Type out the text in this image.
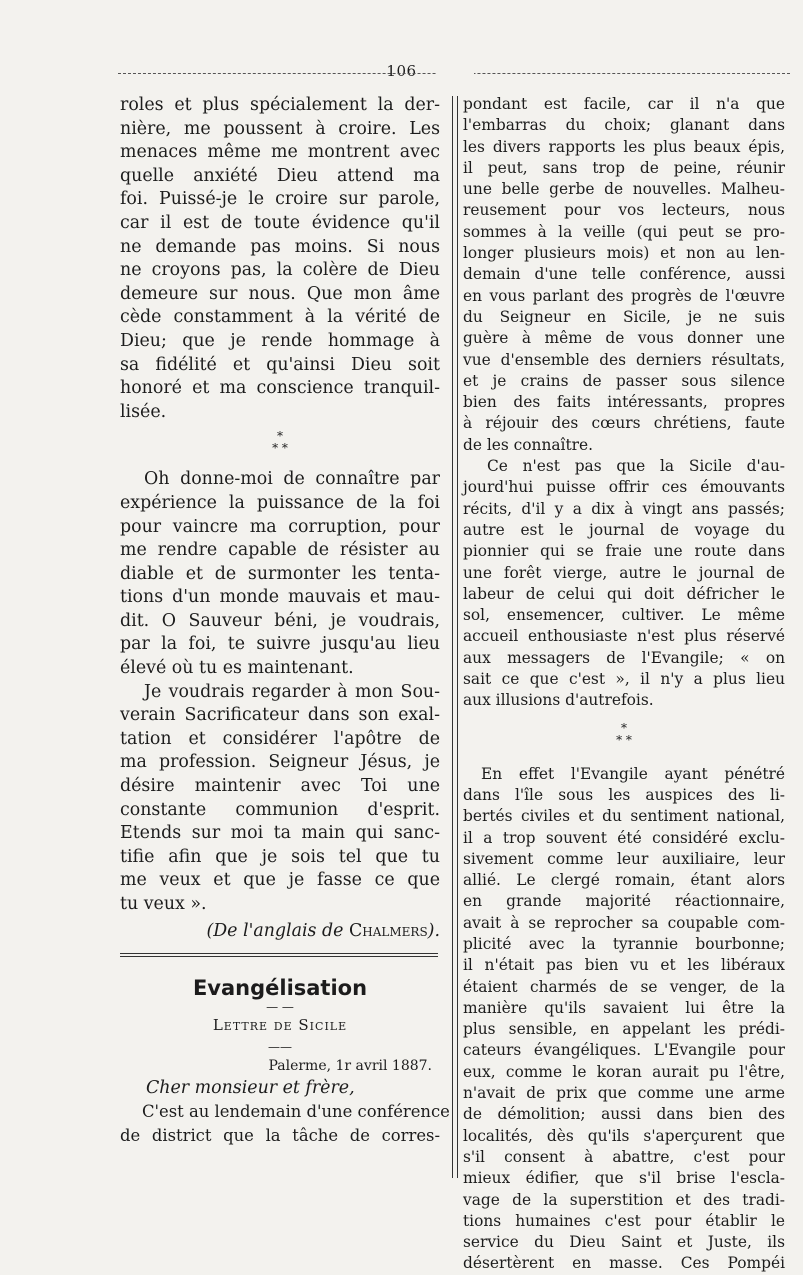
106
roles et plus spécialement la der-
nière, me poussent à croire. Les
menaces même me montrent avec
quelle anxiété Dieu attend ma
foi. Puissé-je le croire sur parole,
car il est de toute évidence qu'il
ne demande pas moins. Si nous
ne croyons pas, la colère de Dieu
demeure sur nous. Que mon âme
cède constamment à la vérité de
Dieu; que je rende hommage à
sa fidélité et qu'ainsi Dieu soit
honoré et ma conscience tranquil-
lisée.
*
* *
Oh donne-moi de connaître par
expérience la puissance de la foi
pour vaincre ma corruption, pour
me rendre capable de résister au
diable et de surmonter les tenta-
tions d'un monde mauvais et mau-
dit. O Sauveur béni, je voudrais,
par la foi, te suivre jusqu'au lieu
élevé où tu es maintenant.
Je voudrais regarder à mon Sou-
verain Sacrificateur dans son exal-
tation et considérer l'apôtre de
ma profession. Seigneur Jésus, je
désire maintenir avec Toi une
constante communion d'esprit.
Etends sur moi ta main qui sanc-
tifie afin que je sois tel que tu
me veux et que je fasse ce que
tu veux ».
(De l'anglais de Chalmers).
Evangélisation
— —
Lettre de Sicile
——
Palerme, 1r avril 1887.
Cher monsieur et frère,
C'est au lendemain d'une conférence
de district que la tâche de corres-
pondant est facile, car il n'a que
l'embarras du choix; glanant dans
les divers rapports les plus beaux épis,
il peut, sans trop de peine, réunir
une belle gerbe de nouvelles. Malheu-
reusement pour vos lecteurs, nous
sommes à la veille (qui peut se pro-
longer plusieurs mois) et non au len-
demain d'une telle conférence, aussi
en vous parlant des progrès de l'œuvre
du Seigneur en Sicile, je ne suis
guère à même de vous donner une
vue d'ensemble des derniers résultats,
et je crains de passer sous silence
bien des faits intéressants, propres
à réjouir des cœurs chrétiens, faute
de les connaître.
Ce n'est pas que la Sicile d'au-
jourd'hui puisse offrir ces émouvants
récits, d'il y a dix à vingt ans passés;
autre est le journal de voyage du
pionnier qui se fraie une route dans
une forêt vierge, autre le journal de
labeur de celui qui doit défricher le
sol, ensemencer, cultiver. Le même
accueil enthousiaste n'est plus réservé
aux messagers de l'Evangile; « on
sait ce que c'est », il n'y a plus lieu
aux illusions d'autrefois.
*
* *
En effet l'Evangile ayant pénétré
dans l'île sous les auspices des li-
bertés civiles et du sentiment national,
il a trop souvent été considéré exclu-
sivement comme leur auxiliaire, leur
allié. Le clergé romain, étant alors
en grande majorité réactionnaire,
avait à se reprocher sa coupable com-
plicité avec la tyrannie bourbonne;
il n'était pas bien vu et les libéraux
étaient charmés de se venger, de la
manière qu'ils savaient lui être la
plus sensible, en appelant les prédi-
cateurs évangéliques. L'Evangile pour
eux, comme le koran aurait pu l'être,
n'avait de prix que comme une arme
de démolition; aussi dans bien des
localités, dès qu'ils s'aperçurent que
s'il consent à abattre, c'est pour
mieux édifier, que s'il brise l'escla-
vage de la superstition et des tradi-
tions humaines c'est pour établir le
service du Dieu Saint et Juste, ils
désertèrent en masse. Ces Pompéi
